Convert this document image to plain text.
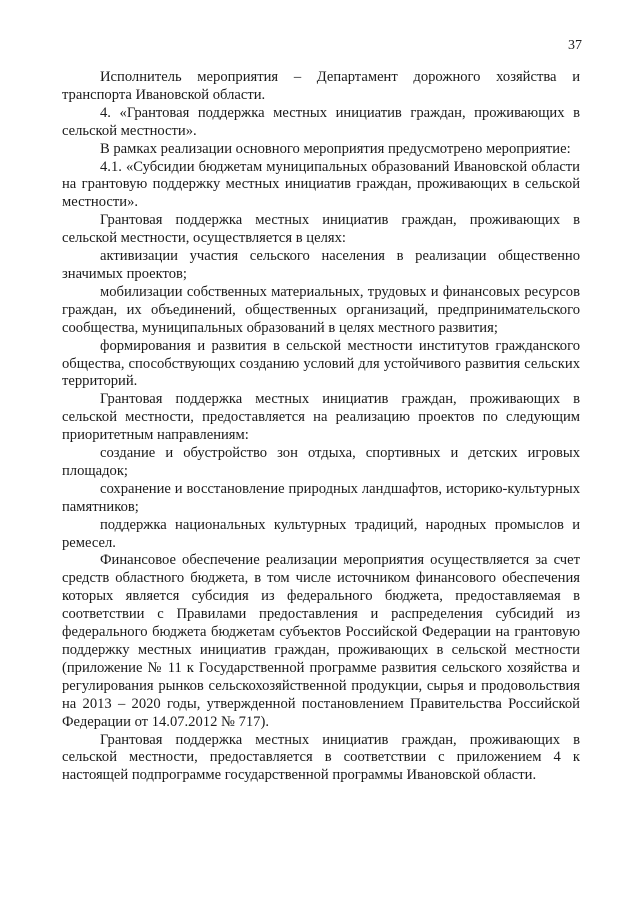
37

Исполнитель мероприятия – Департамент дорожного хозяйства и транспорта Ивановской области.

4. «Грантовая поддержка местных инициатив граждан, проживающих в сельской местности».

В рамках реализации основного мероприятия предусмотрено мероприятие:

4.1. «Субсидии бюджетам муниципальных образований Ивановской области на грантовую поддержку местных инициатив граждан, проживающих в сельской местности».

Грантовая поддержка местных инициатив граждан, проживающих в сельской местности, осуществляется в целях:

активизации участия сельского населения в реализации общественно значимых проектов;

мобилизации собственных материальных, трудовых и финансовых ресурсов граждан, их объединений, общественных организаций, предпринимательского сообщества, муниципальных образований в целях местного развития;

формирования и развития в сельской местности институтов гражданского общества, способствующих созданию условий для устойчивого развития сельских территорий.

Грантовая поддержка местных инициатив граждан, проживающих в сельской местности, предоставляется на реализацию проектов по следующим приоритетным направлениям:

создание и обустройство зон отдыха, спортивных и детских игровых площадок;

сохранение и восстановление природных ландшафтов, историко-культурных памятников;

поддержка национальных культурных традиций, народных промыслов и ремесел.

Финансовое обеспечение реализации мероприятия осуществляется за счет средств областного бюджета, в том числе источником финансового обеспечения которых является субсидия из федерального бюджета, предоставляемая в соответствии с Правилами предоставления и распределения субсидий из федерального бюджета бюджетам субъектов Российской Федерации на грантовую поддержку местных инициатив граждан, проживающих в сельской местности (приложение № 11 к Государственной программе развития сельского хозяйства и регулирования рынков сельскохозяйственной продукции, сырья и продовольствия на 2013 – 2020 годы, утвержденной постановлением Правительства Российской Федерации от 14.07.2012 № 717).

Грантовая поддержка местных инициатив граждан, проживающих в сельской местности, предоставляется в соответствии с приложением 4 к настоящей подпрограмме государственной программы Ивановской области.
